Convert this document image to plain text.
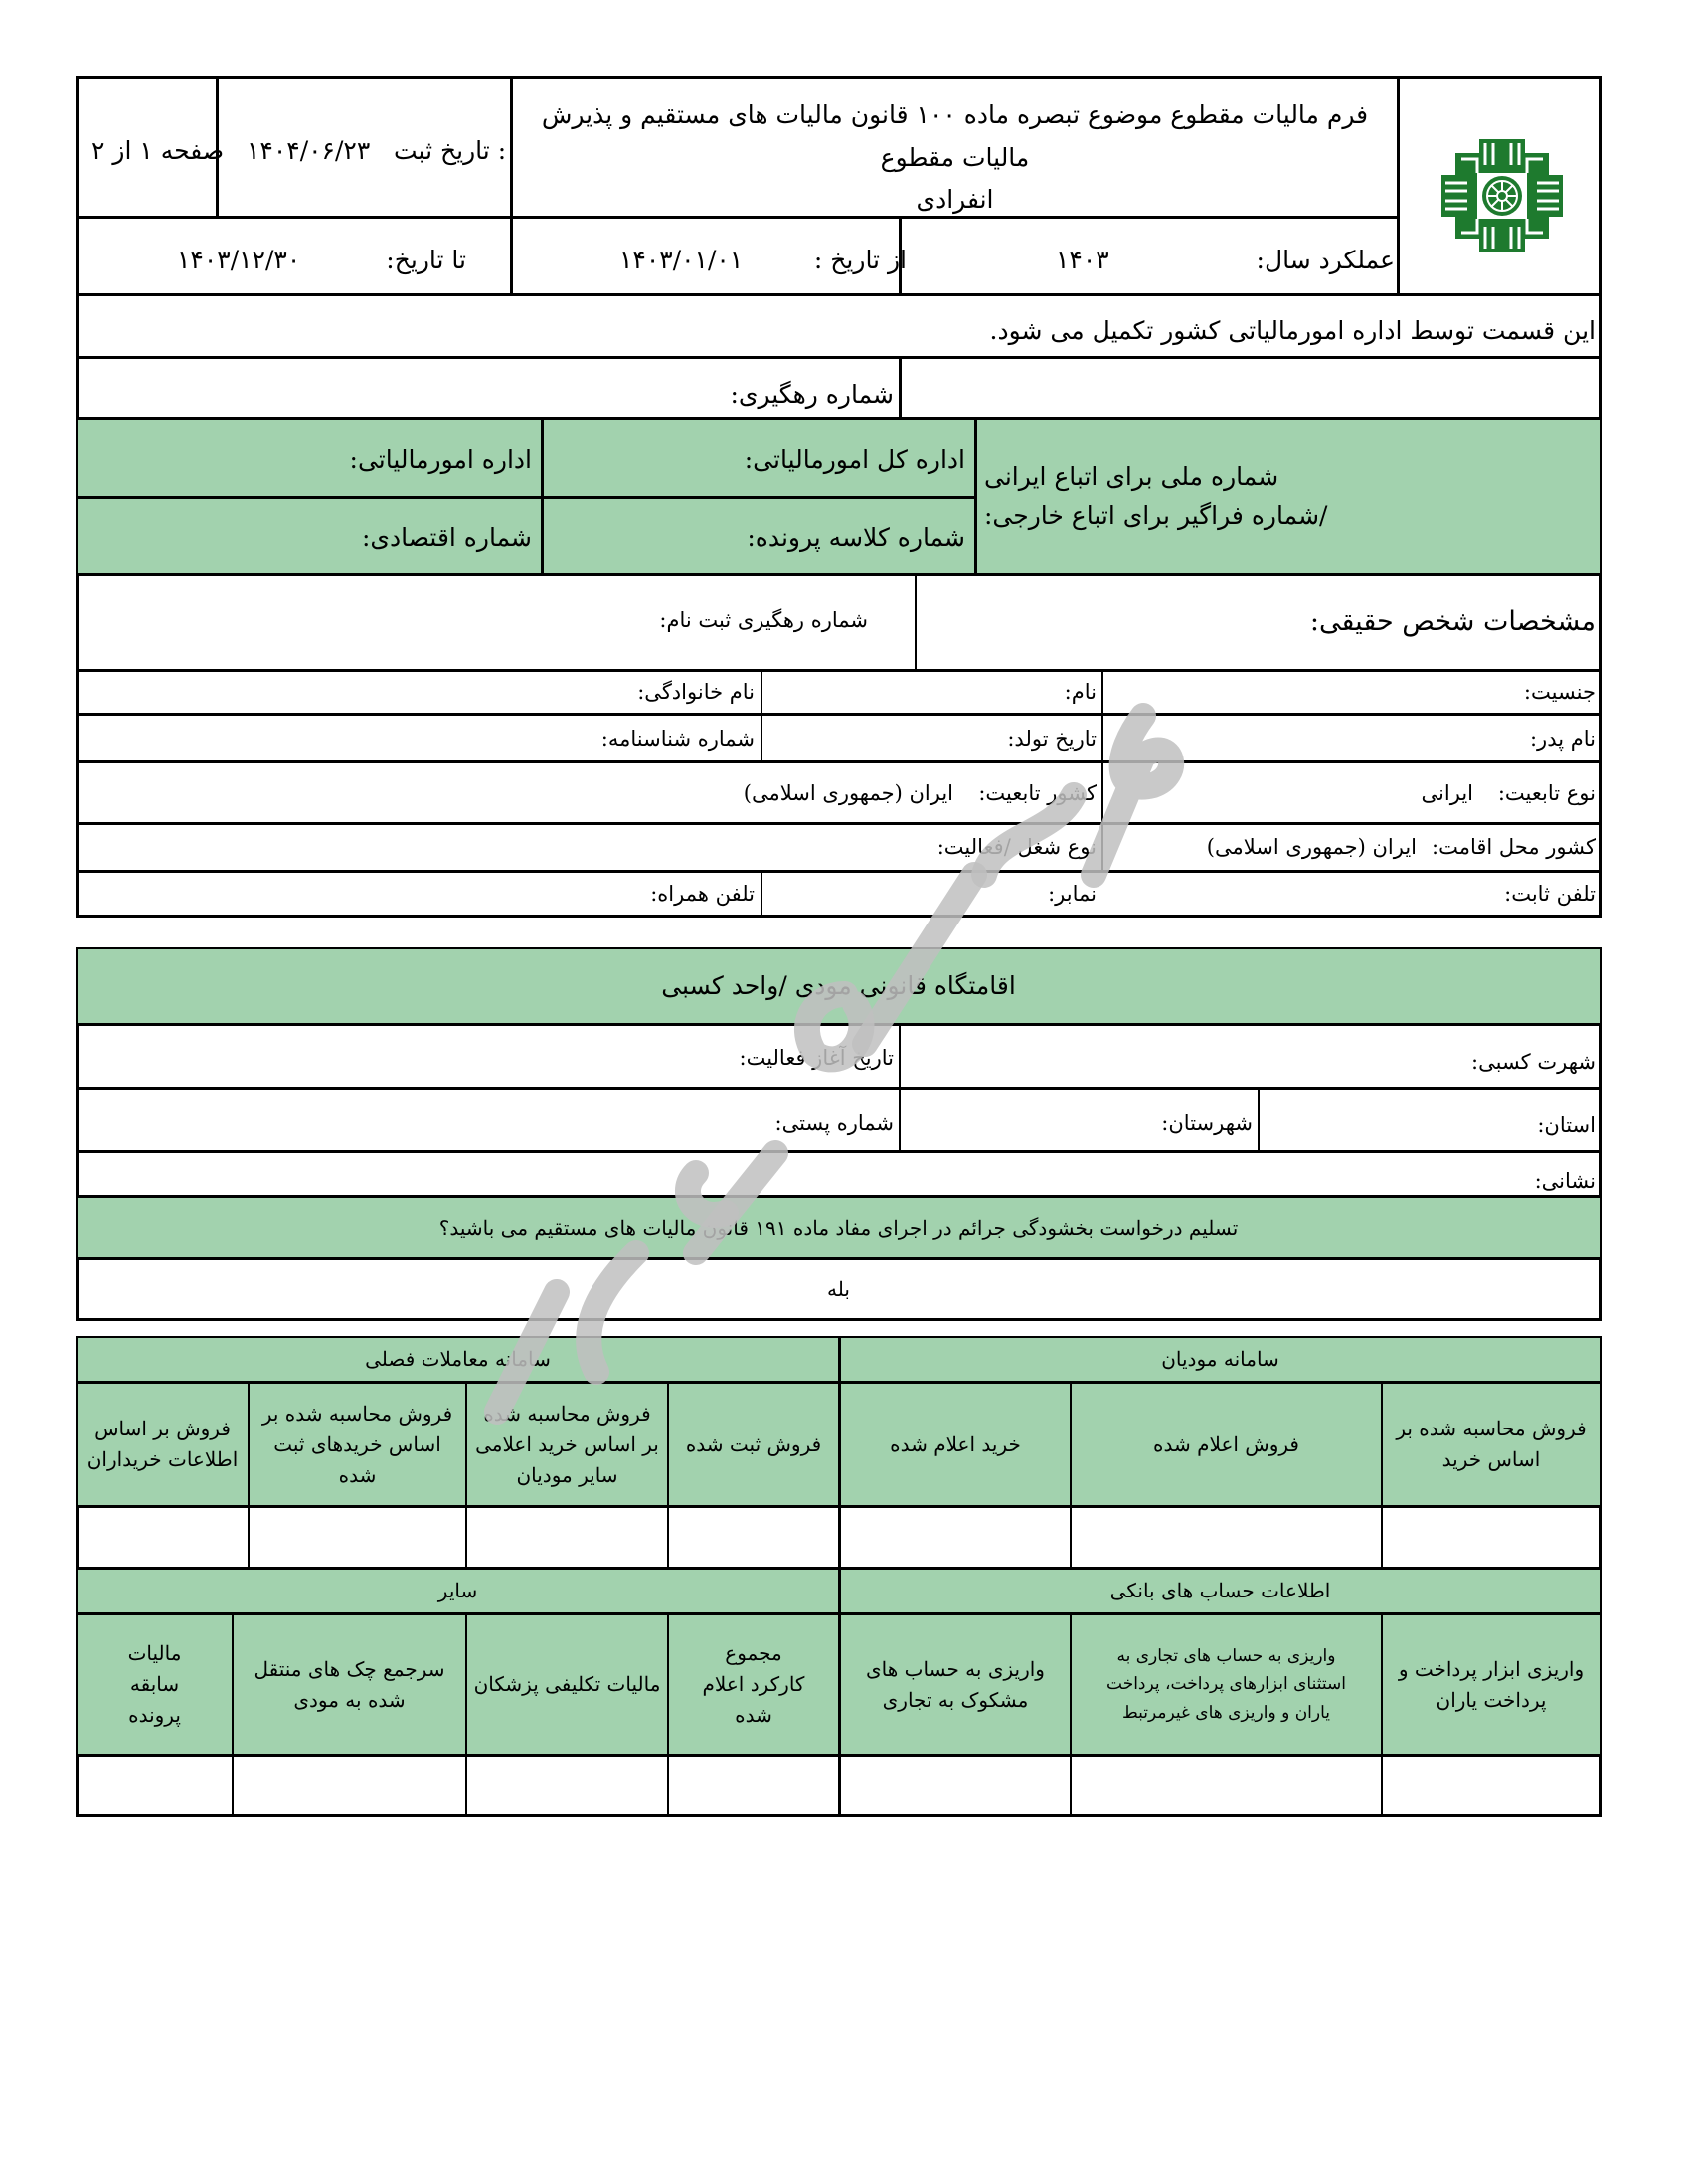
فرم مالیات مقطوع موضوع تبصره ماده ۱۰۰ قانون مالیات های مستقیم و پذیرش مالیات مقطوع
انفرادی
: تاریخ ثبت
۱۴۰۴/۰۶/۲۳
صفحه ۱ از ۲
عملکرد سال:
۱۴۰۳
از تاریخ :
۱۴۰۳/۰۱/۰۱
تا تاریخ:
۱۴۰۳/۱۲/۳۰
این قسمت توسط اداره امورمالیاتی کشور تکمیل می شود.
شماره رهگیری:
شماره ملی برای اتباع ایرانی
/شماره فراگیر برای اتباع خارجی:
اداره کل امورمالیاتی:
اداره امورمالیاتی:
شماره کلاسه پرونده:
شماره اقتصادی:
مشخصات شخص حقیقی:
شماره رهگیری ثبت نام:
جنسیت:
نام:
نام خانوادگی:
نام پدر:
تاریخ تولد:
شماره شناسنامه:
نوع تابعیت:
ایرانی
کشور تابعیت:
ایران (جمهوری اسلامی)
کشور محل اقامت:
ایران (جمهوری اسلامی)
نوع شغل /فعالیت:
تلفن ثابت:
نمابر:
تلفن همراه:
اقامتگاه قانونی مودی /واحد کسبی
شهرت کسبی:
تاریخ آغاز فعالیت:
استان:
شهرستان:
شماره پستی:
نشانی:
تسلیم درخواست بخشودگی جرائم در اجرای مفاد ماده ۱۹۱ قانون مالیات های مستقیم می باشید؟
بله
سامانه مودیان
سامانه معاملات فصلی
فروش محاسبه شده بر اساس خرید
فروش اعلام شده
خرید اعلام شده
فروش ثبت شده
فروش محاسبه شده بر اساس خرید اعلامی سایر مودیان
فروش محاسبه شده بر اساس خریدهای ثبت شده
فروش بر اساس اطلاعات خریداران
اطلاعات حساب های بانکی
سایر
واریزی ابزار پرداخت و پرداخت یاران
واریزی به حساب های تجاری به استثنای ابزارهای پرداخت، پرداخت یاران و واریزی های غیرمرتبط
واریزی به حساب های مشکوک به تجاری
مجموع کارکرد اعلام شده
مالیات تکلیفی پزشکان
سرجمع چک های منتقل شده به مودی
مالیات سابقه پرونده
